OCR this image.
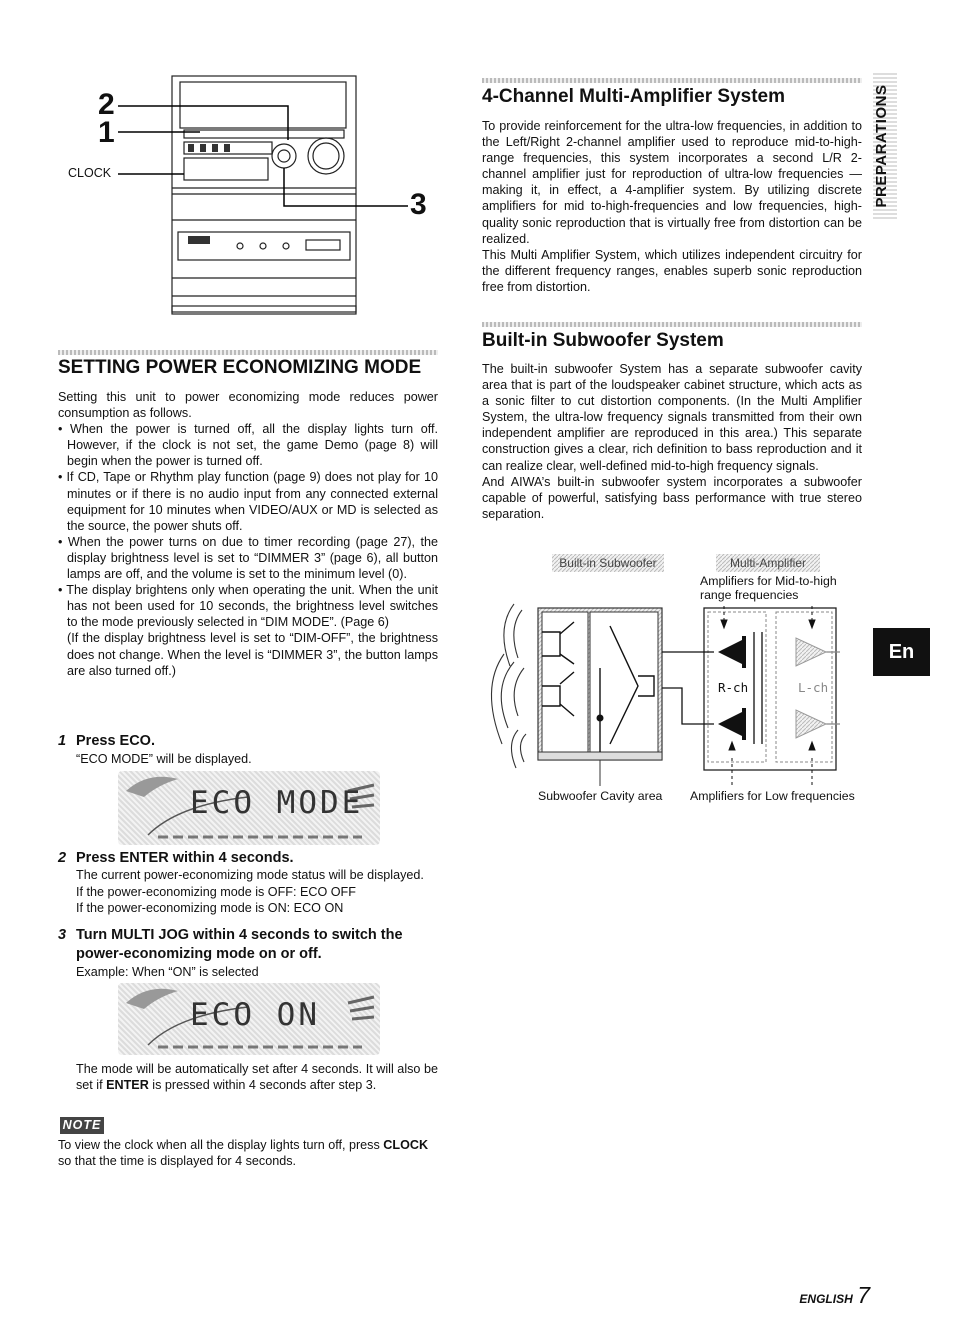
2
1
3
CLOCK
SETTING POWER ECONOMIZING MODE

Setting this unit to power economizing mode reduces power consumption as follows.

• When the power is turned off, all the display lights turn off. However, if the clock is not set, the game Demo (page 8) will begin when the power is turned off.

• If CD, Tape or Rhythm play function (page 9) does not play for 10 minutes or if there is no audio input from any connected external equipment for 10 minutes when VIDEO/AUX or MD is selected as the source, the power shuts off.

• When the power turns on due to timer recording (page 27), the display brightness level is set to “DIMMER 3” (page 6), all button lamps are off, and the volume is set to the minimum level (0).

• The display brightens only when operating the unit. When the unit has not been used for 10 seconds, the brightness level switches to the mode previously selected in “DIM MODE”. (Page 6)

(If the display brightness level is set to “DIM-OFF”, the brightness does not change. When the level is “DIMMER 3”, the button lamps are also turned off.)

1 Press ECO.
“ECO MODE” will be displayed.
ECO MODE
2 Press ENTER within 4 seconds.
The current power-economizing mode status will be displayed.
If the power-economizing mode is OFF: ECO OFF
If the power-economizing mode is ON: ECO ON
3 Turn MULTI JOG within 4 seconds to switch the
power-economizing mode on or off.
Example: When “ON” is selected
ECO ON
The mode will be automatically set after 4 seconds. It will also be set if ENTER is pressed within 4 seconds after step 3.
NOTE
To view the clock when all the display lights turn off, press CLOCK so that the time is displayed for 4 seconds.
4-Channel Multi-Amplifier System

To provide reinforcement for the ultra-low frequencies, in addition to the Left/Right 2-channel amplifier used to reproduce mid-to-high-range frequencies, this system incorporates a second L/R 2-channel amplifier just for reproduction of ultra-low frequencies — making it, in effect, a 4-amplifier system. By utilizing discrete amplifiers for mid to-high-frequencies and low frequencies, high-quality sonic reproduction that is virtually free from distortion can be realized.

This Multi Amplifier System, which utilizes independent circuitry for the different frequency ranges, enables superb sonic reproduction free from distortion.

Built-in Subwoofer System

The built-in subwoofer System has a separate subwoofer cavity area that is part of the loudspeaker cabinet structure, which acts as a sonic filter to cut distortion components. (In the Multi Amplifier System, the ultra-low frequency signals transmitted from their own independent amplifier are reproduced in this area.) This separate construction gives a clear, rich definition to bass reproduction and it can realize clear, well-defined mid-to-high frequency signals.

And AIWA’s built-in subwoofer system incorporates a subwoofer capable of powerful, satisfying bass performance with true stereo separation.

Built-in Subwoofer	Multi-Amplifier
Amplifiers for Mid-to-high
range frequencies
R-ch	L-ch
Subwoofer Cavity area Amplifiers for Low frequencies
PREPARATIONS
En
ENGLISH 7
